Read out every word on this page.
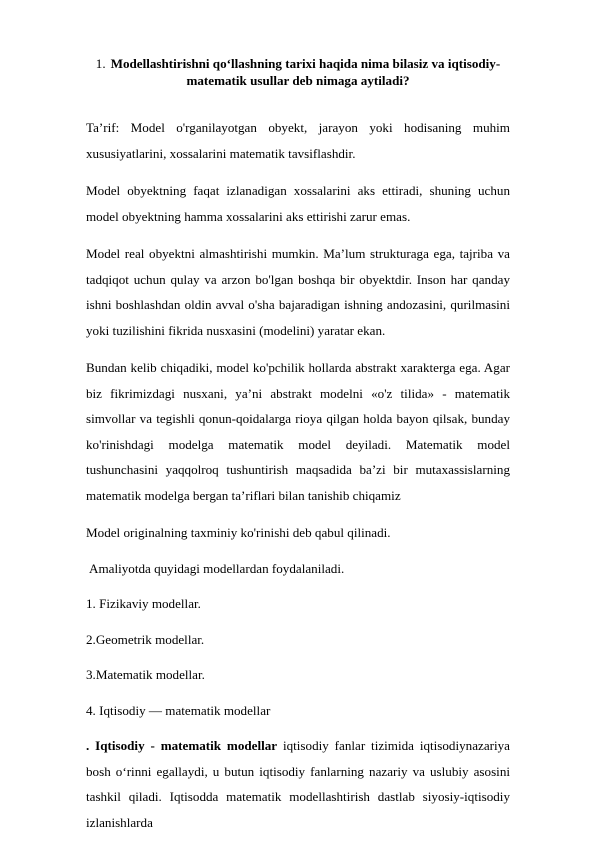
1. Modellashtirishni qo‘llashning tarixi haqida nima bilasiz va iqtisodiy-matematik usullar deb nimaga aytiladi?

Ta’rif: Model o'rganilayotgan obyekt, jarayon yoki hodisaning muhim xususiyatlarini, xossalarini matematik tavsiflashdir.

Model obyektning faqat izlanadigan xossalarini aks ettiradi, shuning uchun model obyektning hamma xossalarini aks ettirishi zarur emas.

Model real obyektni almashtirishi mumkin. Ma’lum strukturaga ega, tajriba va tadqiqot uchun qulay va arzon bo'lgan boshqa bir obyektdir. Inson har qanday ishni boshlashdan oldin avval o'sha bajaradigan ishning andozasini, qurilmasini yoki tuzilishini fikrida nusxasini (modelini) yaratar ekan.

Bundan kelib chiqadiki, model ko'pchilik hollarda abstrakt xarakterga ega. Agar biz fikrimizdagi nusxani, ya’ni abstrakt modelni «o'z tilida» - matematik simvollar va tegishli qonun-qoidalarga rioya qilgan holda bayon qilsak, bunday ko'rinishdagi modelga matematik model deyiladi. Matematik model tushunchasini yaqqolroq tushuntirish maqsadida ba’zi bir mutaxassislarning matematik modelga bergan ta’riflari bilan tanishib chiqamiz

Model originalning taxminiy ko'rinishi deb qabul qilinadi.

Amaliyotda quyidagi modellardan foydalaniladi.

1. Fizikaviy modellar.

2.Geometrik modellar.

3.Matematik modellar.

4. Iqtisodiy — matematik modellar

. Iqtisodiy - matematik modellar iqtisodiy fanlar tizimida iqtisodiynazariya bosh o‘rinni egallaydi, u butun iqtisodiy fanlarning nazariy va uslubiy asosini tashkil qiladi. Iqtisodda matematik modellashtirish dastlab siyosiy-iqtisodiy izlanishlarda
